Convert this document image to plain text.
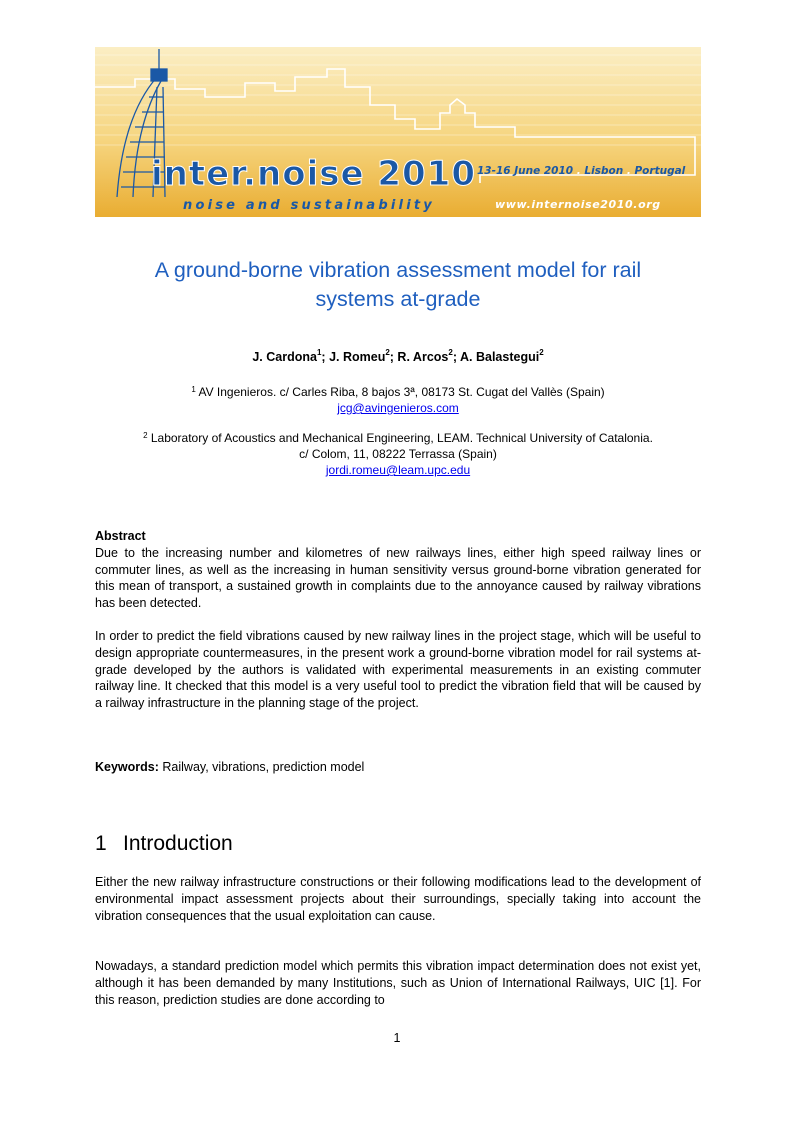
inter.noise 2010
noise and sustainability
13-16 June 2010 . Lisbon . Portugal
www.internoise2010.org
A ground-borne vibration assessment model for rail
systems at-grade
J. Cardona$^1$; J. Romeu$^2$; R. Arcos$^2$; A. Balastegui$^2$
$^1$ AV Ingenieros. c/ Carles Riba, 8 bajos 3ª, 08173 St. Cugat del Vallès (Spain)
jcg@avingenieros.com
$^2$ Laboratory of Acoustics and Mechanical Engineering, LEAM. Technical University of Catalonia.
c/ Colom, 11, 08222 Terrassa (Spain)
jordi.romeu@leam.upc.edu
Abstract
Due to the increasing number and kilometres of new railways lines, either high speed railway lines or commuter lines, as well as the increasing in human sensitivity versus ground-borne vibration generated for this mean of transport, a sustained growth in complaints due to the annoyance caused by railway vibrations has been detected.
In order to predict the field vibrations caused by new railway lines in the project stage, which will be useful to design appropriate countermeasures, in the present work a ground-borne vibration model for rail systems at-grade developed by the authors is validated with experimental measurements in an existing commuter railway line. It checked that this model is a very useful tool to predict the vibration field that will be caused by a railway infrastructure in the planning stage of the project.
Keywords: Railway, vibrations, prediction model
1 Introduction
Either the new railway infrastructure constructions or their following modifications lead to the development of environmental impact assessment projects about their surroundings, specially taking into account the vibration consequences that the usual exploitation can cause.
Nowadays, a standard prediction model which permits this vibration impact determination does not exist yet, although it has been demanded by many Institutions, such as Union of International Railways, UIC [1]. For this reason, prediction studies are done according to
1
